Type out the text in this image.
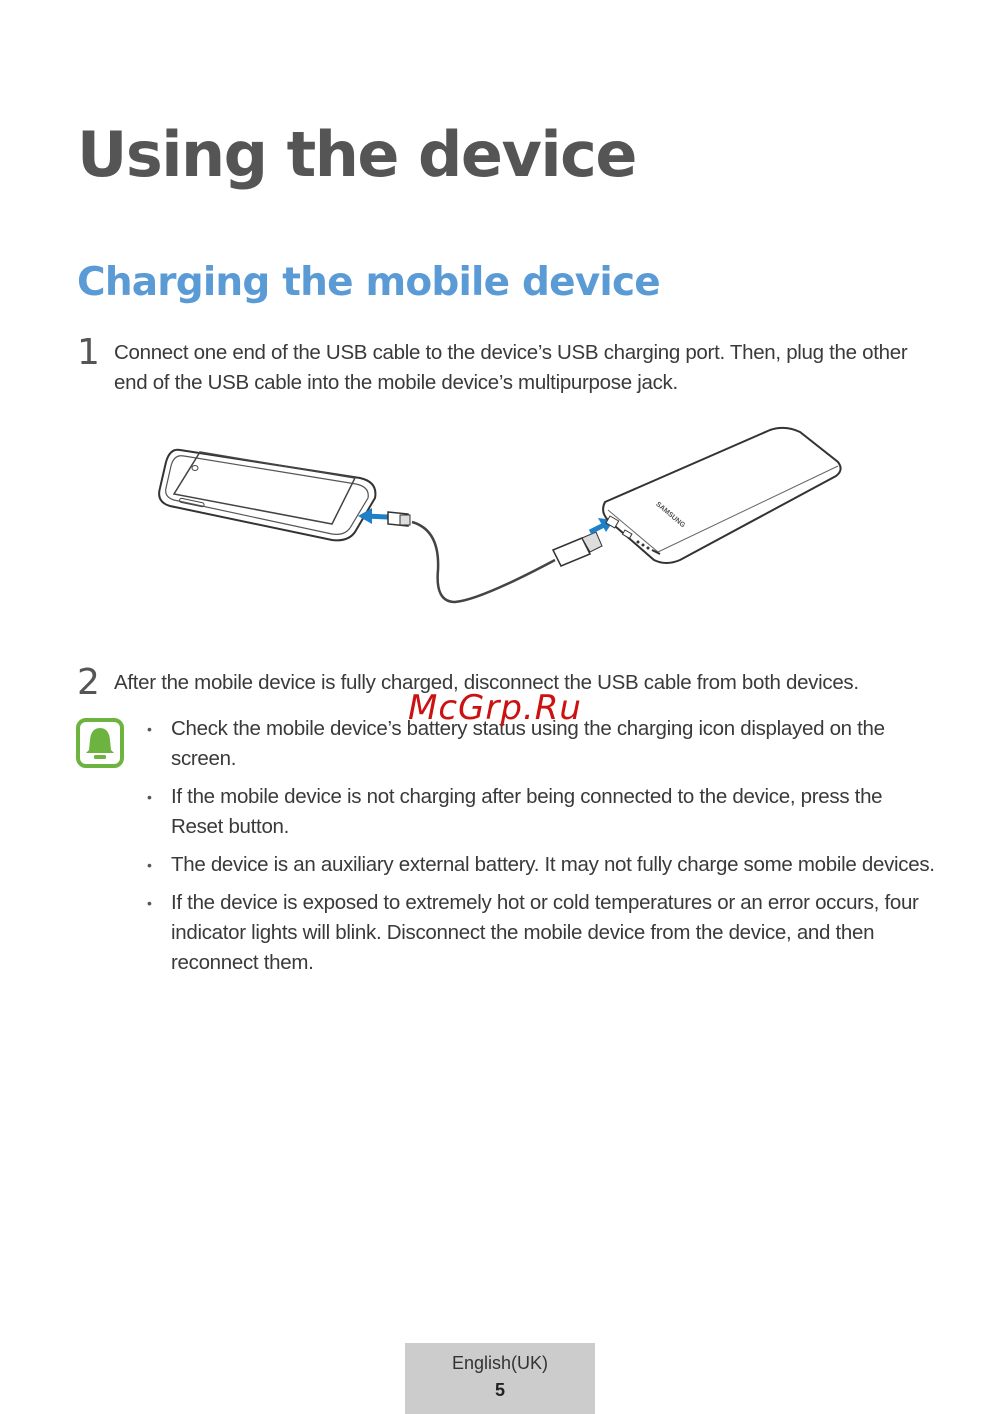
Using the device
Charging the mobile device
1 Connect one end of the USB cable to the device’s USB charging port. Then, plug the other end of the USB cable into the mobile device’s multipurpose jack.
SAMSUNG
2 After the mobile device is fully charged, disconnect the USB cable from both devices.
• Check the mobile device’s battery status using the charging icon displayed on the screen.
• If the mobile device is not charging after being connected to the device, press the Reset button.
• The device is an auxiliary external battery. It may not fully charge some mobile devices.
• If the device is exposed to extremely hot or cold temperatures or an error occurs, four indicator lights will blink. Disconnect the mobile device from the device, and then reconnect them.
McGrp.Ru
English(UK)
5
